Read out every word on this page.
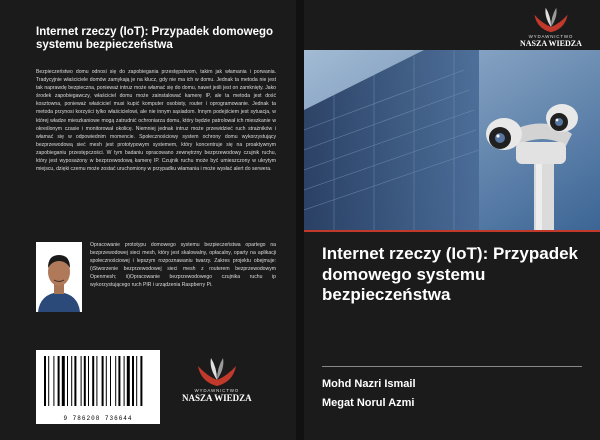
Internet rzeczy (IoT): Przypadek domowego systemu bezpieczeństwa
Bezpieczeństwo domu odnosi się do zapobiegania przestępstwom, takim jak włamania i porwania. Tradycyjnie właściciele domów zamykają je na klucz, gdy nie ma ich w domu. Jednak ta metoda nie jest tak naprawdę bezpieczna, ponieważ intruz może włamać się do domu, nawet jeśli jest on zamknięty. Jako środek zapobiegawczy, właściciel domu może zainstalować kamerę IP, ale ta metoda jest dość kosztowna, ponieważ właściciel musi kupić komputer osobisty, router i oprogramowanie. Jednak ta metoda przynosi korzyści tylko właścicielowi, ale nie innym sąsiadom. Innym podejściem jest sytuacja, w której władze mieszkaniowe mogą zatrudnić ochroniarza domu, który będzie patrolował ich mieszkanie w określonym czasie i monitorował okolicę. Niemniej jednak intruz może przewidzieć ruch strażników i włamać się w odpowiednim momencie. Społecznościowy system ochrony domu wykorzystujący bezprzewodową sieć mesh jest prototypowym systemem, który koncentruje się na proaktywnym zapobieganiu przestępczości. W tym badaniu opracowano zewnętrzny bezprzewodowy czujnik ruchu, który jest wyposażony w bezprzewodową kamerę IP. Czujnik ruchu może być umieszczony w ukrytym miejscu, dzięki czemu może zostać uruchomiony w przypadku włamania i może wysłać alert do serwera.
Opracowanie prototypu domowego systemu bezpieczeństwa opartego na bezprzewodowej sieci mesh, który jest skalowalny, opłacalny, oparty na aplikacji społecznościowej i lepszym rozpoznawaniu twarzy. Zakres projektu obejmuje: i)Stworzenie bezprzewodowej sieci mesh z routerem bezprzewodowym Openmesh; ii)Opracowanie bezprzewodowego czujnika ruchu ip wykorzystującego ruch PIR i urządzenia Raspberry Pi.
WYDAWNICTWO
NASZA WIEDZA
9 786208 736644
WYDAWNICTWO
NASZA WIEDZA
Internet rzeczy (IoT): Przypadek domowego systemu bezpieczeństwa
Mohd Nazri Ismail
Megat Norul Azmi
